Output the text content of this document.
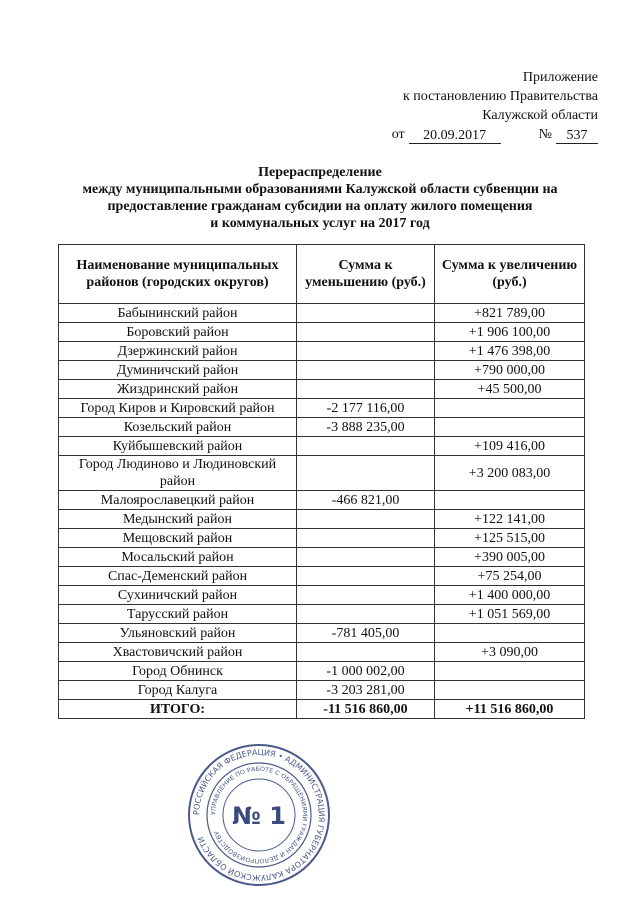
Приложение
к постановлению Правительства
Калужской области
от	20.09.2017	№	537
Перераспределение
между муниципальными образованиями Калужской области субвенции на
предоставление гражданам субсидии на оплату жилого помещения
и коммунальных услуг на 2017 год
Наименование муниципальных районов (городских округов)	Сумма к уменьшению (руб.)	Сумма к увеличению (руб.)
Бабынинский район		+821 789,00
Боровский район		+1 906 100,00
Дзержинский район		+1 476 398,00
Думиничский район		+790 000,00
Жиздринский район		+45 500,00
Город Киров и Кировский район	-2 177 116,00	
Козельский район	-3 888 235,00	
Куйбышевский район		+109 416,00
Город Людиново и Людиновский район		+3 200 083,00
Малоярославецкий район	-466 821,00	
Медынский район		+122 141,00
Мещовский район		+125 515,00
Мосальский район		+390 005,00
Спас-Деменский район		+75 254,00
Сухиничский район		+1 400 000,00
Тарусский район		+1 051 569,00
Ульяновский район	-781 405,00	
Хвастовичский район		+3 090,00
Город Обнинск	-1 000 002,00	
Город Калуга	-3 203 281,00	
ИТОГО:	-11 516 860,00	+11 516 860,00
РОССИЙСКАЯ ФЕДЕРАЦИЯ • АДМИНИСТРАЦИЯ ГУБЕРНАТОРА КАЛУЖСКОЙ ОБЛАСТИ
УПРАВЛЕНИЕ ПО РАБОТЕ С ОБРАЩЕНИЯМИ ГРАЖДАН И ДЕЛОПРОИЗВОДСТВУ
№ 1
